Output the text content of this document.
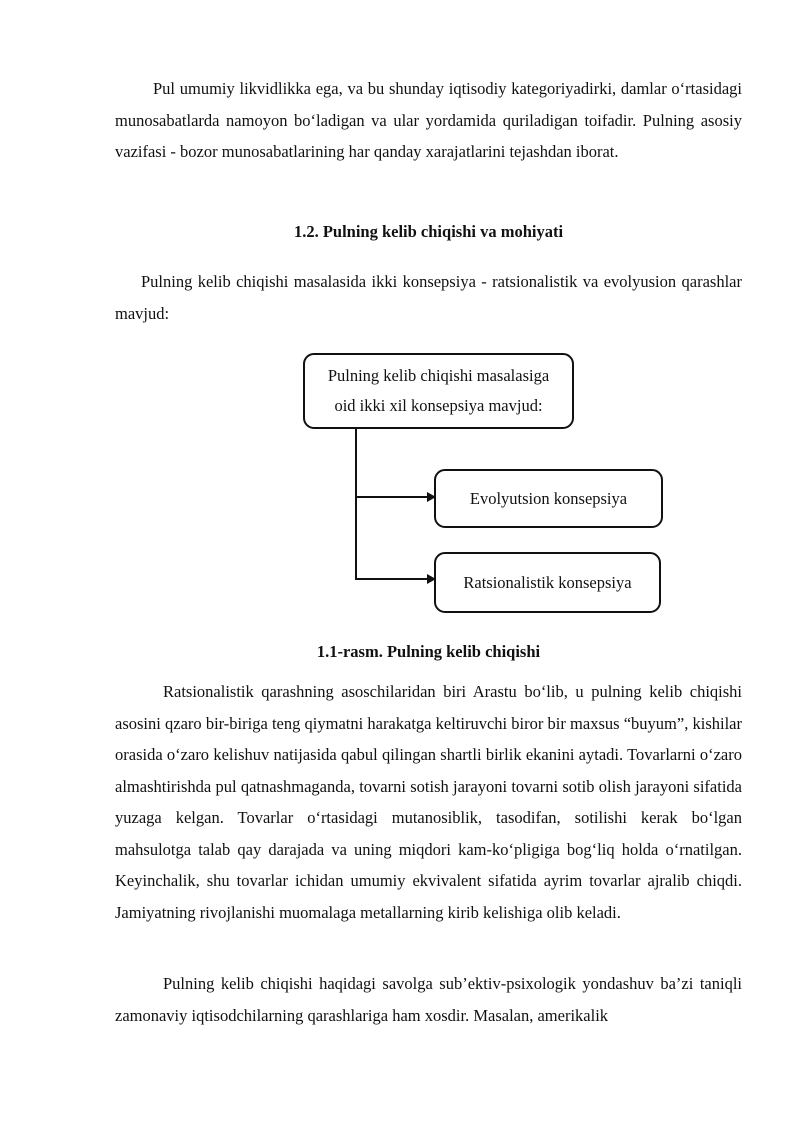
Pul umumiy likvidlikka ega, va bu shunday iqtisodiy kategoriyadirki, damlar o‘rtasidagi munosabatlarda namoyon bo‘ladigan va ular yordamida quriladigan toifadir. Pulning asosiy vazifasi - bozor munosabatlarining har qanday xarajatlarini tejashdan iborat.

1.2. Pulning kelib chiqishi va mohiyati

Pulning kelib chiqishi masalasida ikki konsepsiya - ratsionalistik va evolyusion qarashlar mavjud:

Pulning kelib chiqishi masalasiga
oid ikki xil konsepsiya mavjud:
Evolyutsion konsepsiya
Ratsionalistik konsepsiya

1.1-rasm. Pulning kelib chiqishi

Ratsionalistik qarashning asoschilaridan biri Arastu bo‘lib, u pulning kelib chiqishi asosini qzaro bir-biriga teng qiymatni harakatga keltiruvchi biror bir maxsus “buyum”, kishilar orasida o‘zaro kelishuv natijasida qabul qilingan shartli birlik ekanini aytadi. Tovarlarni o‘zaro almashtirishda pul qatnashmaganda, tovarni sotish jarayoni tovarni sotib olish jarayoni sifatida yuzaga kelgan. Tovarlar o‘rtasidagi mutanosiblik, tasodifan, sotilishi kerak bo‘lgan mahsulotga talab qay darajada va uning miqdori kam-ko‘pligiga bog‘liq holda o‘rnatilgan. Keyinchalik, shu tovarlar ichidan umumiy ekvivalent sifatida ayrim tovarlar ajralib chiqdi. Jamiyatning rivojlanishi muomalaga metallarning kirib kelishiga olib keladi.

Pulning kelib chiqishi haqidagi savolga sub’ektiv-psixologik yondashuv ba’zi taniqli zamonaviy iqtisodchilarning qarashlariga ham xosdir. Masalan, amerikalik
